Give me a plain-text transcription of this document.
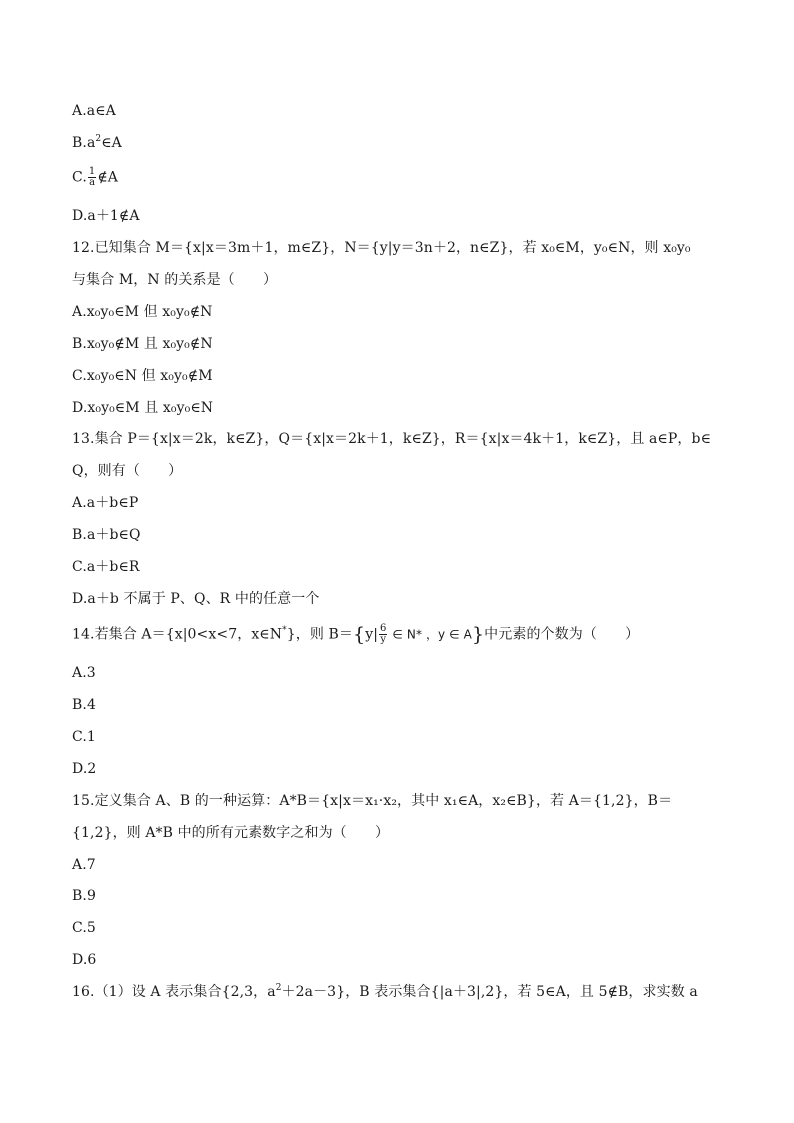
A.a∈A
$B.a^2\in A$
C. $\frac{1}{a}$ ∉A
D.a＋1∉A
12.已知集合 M＝{x|x＝3m＋1，m∈Z}，N＝{y|y＝3n＋2，n∈Z}，若 x₀∈M，y₀∈N，则 x₀y₀
与集合 M，N 的关系是（　　）
A.x₀y₀∈M 但 x₀y₀∉N
B.x₀y₀∉M 且 x₀y₀∉N
C.x₀y₀∈N 但 x₀y₀∉M
D.x₀y₀∈M 且 x₀y₀∈N
13.集合 P＝{x|x＝2k，k∈Z}，Q＝{x|x＝2k＋1，k∈Z}，R＝{x|x＝4k＋1，k∈Z}，且 a∈P，b∈
Q，则有（　　）
A.a＋b∈P
B.a＋b∈Q
C.a＋b∈R
D.a＋b 不属于 P、Q、R 中的任意一个
14.若集合 A＝{x|0<x<7，x∈N*}，则 $B=\{y| \frac{6}{y}$ ∈ N* ，y ∈ A}中元素的个数为（　　）
A.3
B.4
C.1
D.2
15.定义集合 A、B 的一种运算：A*B＝{x|x＝x₁·x₂，其中 x₁∈A，x₂∈B}，若 A＝{1,2}，B＝
{1,2}，则 A*B 中的所有元素数字之和为（　　）
A.7
B.9
C.5
D.6
16.（1）设 A 表示集合{2,3，$a^2+2a-3$}，B 表示集合{|a＋3|,2}，若 5∈A，且 5∉B，求实数 a
